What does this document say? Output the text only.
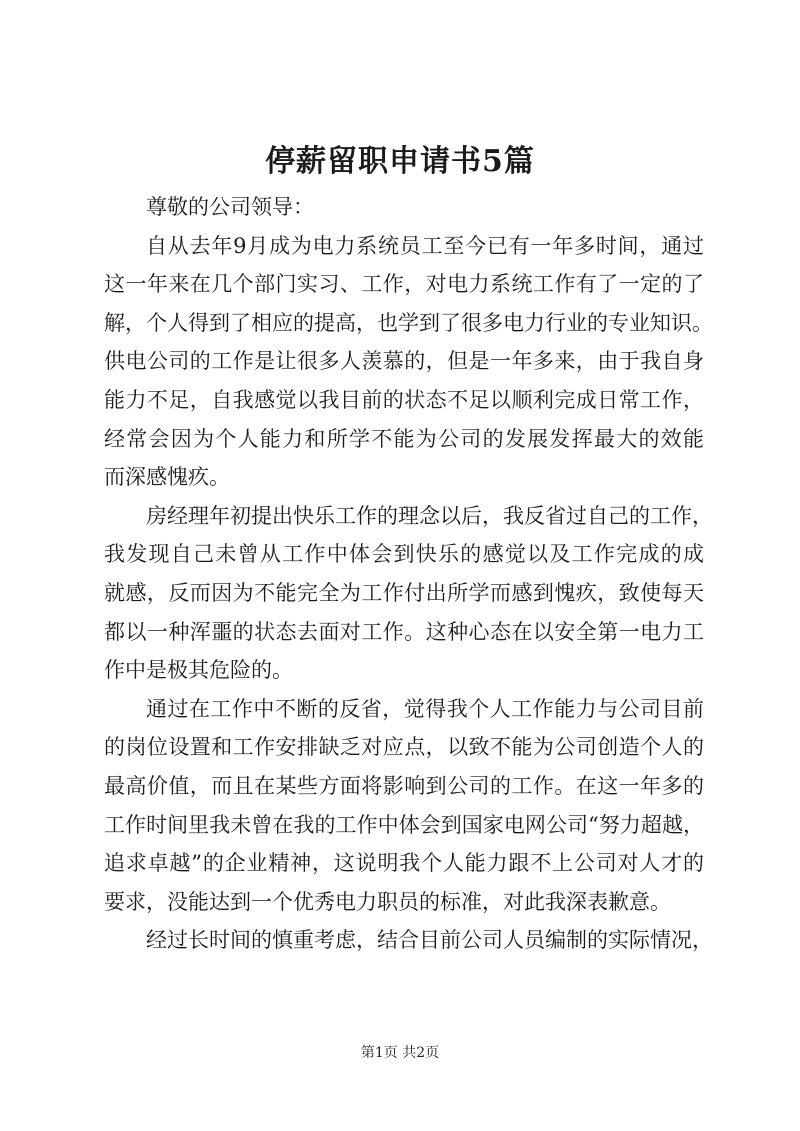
停薪留职申请书5篇
尊敬的公司领导：
自从去年9月成为电力系统员工至今已有一年多时间，通过
这一年来在几个部门实习、工作，对电力系统工作有了一定的了
解，个人得到了相应的提高，也学到了很多电力行业的专业知识。
供电公司的工作是让很多人羡慕的，但是一年多来，由于我自身
能力不足，自我感觉以我目前的状态不足以顺利完成日常工作，
经常会因为个人能力和所学不能为公司的发展发挥最大的效能
而深感愧疚。
房经理年初提出快乐工作的理念以后，我反省过自己的工作，
我发现自己未曾从工作中体会到快乐的感觉以及工作完成的成
就感，反而因为不能完全为工作付出所学而感到愧疚，致使每天
都以一种浑噩的状态去面对工作。这种心态在以安全第一电力工
作中是极其危险的。
通过在工作中不断的反省，觉得我个人工作能力与公司目前
的岗位设置和工作安排缺乏对应点，以致不能为公司创造个人的
最高价值，而且在某些方面将影响到公司的工作。在这一年多的
工作时间里我未曾在我的工作中体会到国家电网公司“努力超越，
追求卓越”的企业精神，这说明我个人能力跟不上公司对人才的
要求，没能达到一个优秀电力职员的标准，对此我深表歉意。
经过长时间的慎重考虑，结合目前公司人员编制的实际情况，
第1页 共2页
